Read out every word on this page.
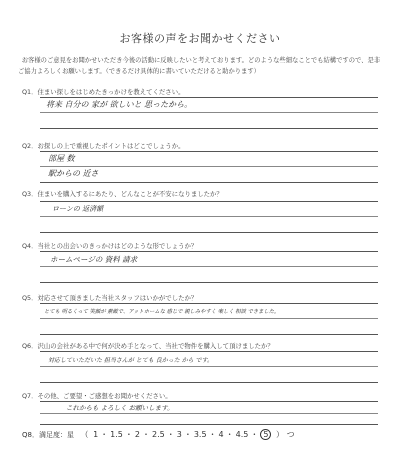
お客様の声をお聞かせください
お客様のご意見をお聞かせいただき今後の活動に反映したいと考えております。どのような些細なことでも結構ですので、是非ご協力よろしくお願いします。（できるだけ具体的に書いていただけると助かります）
Q1．住まい探しをはじめたきっかけを教えてください。
将来 自分の 家が 欲しいと 思ったから。
Q2．お探しの上で重視したポイントはどこでしょうか。
部屋 数
駅からの 近さ
Q3．住まいを購入するにあたり、どんなことが不安になりましたか？
ローンの 返済額
Q4．当社との出会いのきっかけはどのような形でしょうか？
ホームページの 資料 請求
Q5．対応させて頂きました当社スタッフはいかがでしたか？
とても 明るくって 笑顔が 素敵で、アットホームな 感じで 親しみやすく 楽しく 相談 できました。
Q6．沢山の会社がある中で何が決め手となって、当社で物件を購入して頂けましたか？
対応していただいた 担当さんが とても 良かった から です。
Q7．その他、ご要望・ご感想をお聞かせください。
これからも よろしく お願いします。
Q8．満足度：星 （ 1 ・ 1.5 ・ 2 ・ 2.5 ・ 3 ・ 3.5 ・ 4 ・ 4.5 ・ 5 ） つ
